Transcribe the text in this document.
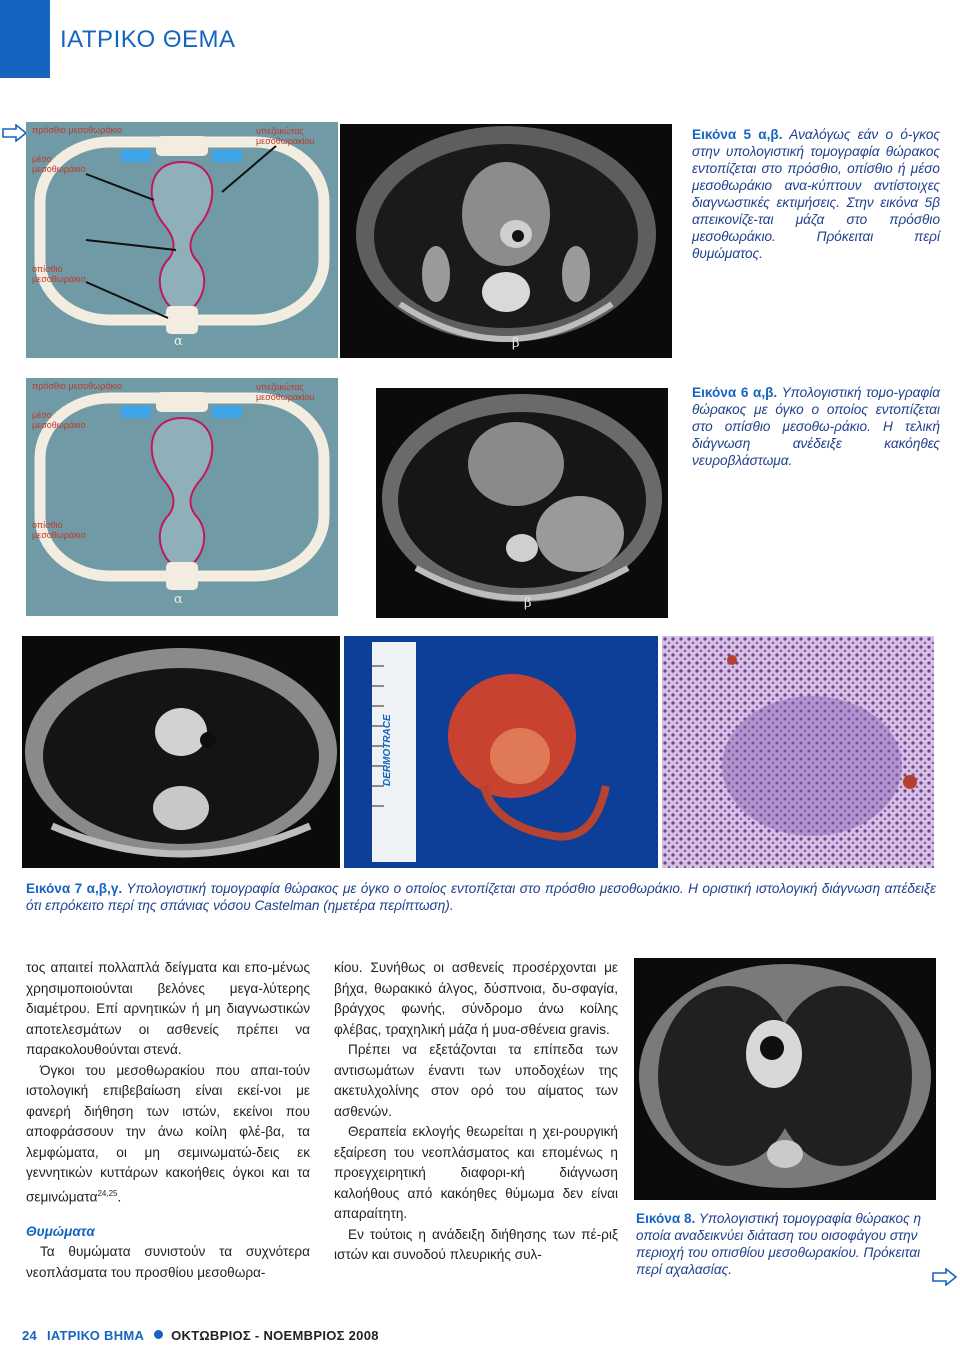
ΙΑΤΡΙΚΟ ΘΕΜΑ
πρόσθιο μεσοθωράκιο
μέσο μεσοθωράκιο
υπεζοκώτας μεσοθωρακίου
οπίσθιο μεσοθωράκιο
α	β
Εικόνα 5 α,β. Αναλόγως εάν ο ό-γκος στην υπολογιστική τομογραφία θώρακος εντοπίζεται στο πρόσθιο, οπίσθιο ή μέσο μεσοθωράκιο ανα-κύπτουν αντίστοιχες διαγνωστικές εκτιμήσεις. Στην εικόνα 5β απεικονίζε-ται μάζα στο πρόσθιο μεσοθωράκιο. Πρόκειται περί θυμώματος.
πρόσθιο μεσοθωράκιο
μέσο μεσοθωράκιο
υπεζοκώτας μεσοθωρακίου
οπίσθιο μεσοθωράκιο
α	β
Εικόνα 6 α,β. Υπολογιστική τομο-γραφία θώρακος με όγκο ο οποίος εντοπίζεται στο οπίσθιο μεσοθω-ράκιο. Η τελική διάγνωση ανέδειξε κακόηθες νευροβλάστωμα.
DERMOTRACE
Εικόνα 7 α,β,γ. Υπολογιστική τομογραφία θώρακος με όγκο ο οποίος εντοπίζεται στο πρόσθιο μεσοθωράκιο. Η οριστική ιστολογική διάγνωση απέδειξε ότι επρόκειτο περί της σπάνιας νόσου Castelman (ημετέρα περίπτωση).

τος απαιτεί πολλαπλά δείγματα και επο-μένως χρησιμοποιούνται βελόνες μεγα-λύτερης διαμέτρου. Επί αρνητικών ή μη διαγνωστικών αποτελεσμάτων οι ασθενείς πρέπει να παρακολουθούνται στενά.

Όγκοι του μεσοθωρακίου που απαι-τούν ιστολογική επιβεβαίωση είναι εκεί-νοι με φανερή διήθηση των ιστών, εκείνοι που αποφράσσουν την άνω κοίλη φλέ-βα, τα λεμφώματα, οι μη σεμινωματώ-δεις εκ γεννητικών κυττάρων κακοήθεις όγκοι και τα σεμινώματα$^{24,25}$.

Θυμώματα

Τα θυμώματα συνιστούν τα συχνότερα νεοπλάσματα του προσθίου μεσοθωρα-

κίου. Συνήθως οι ασθενείς προσέρχονται με βήχα, θωρακικό άλγος, δύσπνοια, δυ-σφαγία, βράγχος φωνής, σύνδρομο άνω κοίλης φλέβας, τραχηλική μάζα ή μυα-σθένεια gravis.

Πρέπει να εξετάζονται τα επίπεδα των αντισωμάτων έναντι των υποδοχέων της ακετυλχολίνης στον ορό του αίματος των ασθενών.

Θεραπεία εκλογής θεωρείται η χει-ρουργική εξαίρεση του νεοπλάσματος και επομένως η προεγχειρητική διαφορι-κή διάγνωση καλοήθους από κακόηθες θύμωμα δεν είναι απαραίτητη.

Εν τούτοις η ανάδειξη διήθησης των πέ-ριξ ιστών και συνοδού πλευρικής συλ-

Εικόνα 8. Υπολογιστική τομογραφία θώρακος η οποία αναδεικνύει διάταση του οισοφάγου στην περιοχή του οπισθίου μεσοθωρακίου. Πρόκειται περί αχαλασίας.
24 ΙΑΤΡΙΚΟ ΒΗΜΑ ΟΚΤΩΒΡΙΟΣ - ΝΟΕΜΒΡΙΟΣ 2008
